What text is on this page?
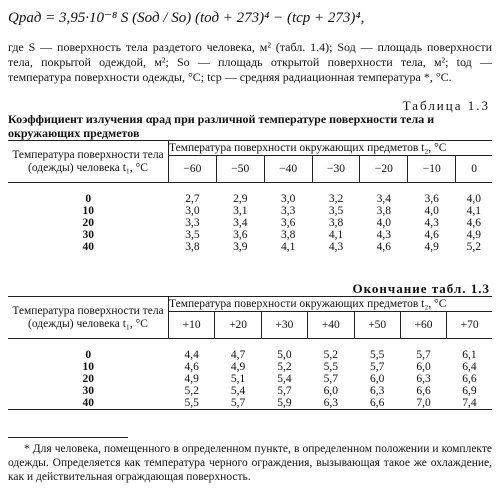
Qрад = 3,95·10⁻⁸ S (Sод / Sо) (tод + 273)⁴ − (tср + 273)⁴,
где S — поверхность тела раздетого человека, м² (табл. 1.4); Sод — площадь поверхности тела, покрытой одеждой, м²; Sо — площадь открытой поверхности тела, м²; tод — температура поверхности одежды, °С; tср — средняя радиационная температура *, °С.
Таблица 1.3
Коэффициент излучения αрад при различной температуре поверхности тела и окружающих предметов
Температура поверхности тела (одежды) человека t₁, °С	Температура поверхности окружающих предметов t₂, °С						
	−60	−50	−40	−30	−20	−10	0

0	2,7	2,9	3,0	3,2	3,4	3,6	4,0
10	3,0	3,1	3,3	3,5	3,8	4,0	4,1
20	3,3	3,4	3,6	3,8	4,0	4,3	4,6
30	3,5	3,6	3,8	4,1	4,3	4,6	4,9
40	3,8	3,9	4,1	4,3	4,6	4,9	5,2
Окончание табл. 1.3
Температура поверхности тела (одежды) человека t₁, °С	Температура поверхности окружающих предметов t₂, °С						
	+10	+20	+30	+40	+50	+60	+70

0	4,4	4,7	5,0	5,2	5,5	5,7	6,1
10	4,6	4,9	5,2	5,5	5,7	6,0	6,4
20	4,9	5,1	5,4	5,7	6,0	6,3	6,6
30	5,2	5,4	5,7	6,0	6,3	6,6	6,9
40	5,5	5,7	5,9	6,3	6,6	7,0	7,4
* Для человека, помещенного в определенном пункте, в определенном положении и комплекте одежды. Определяется как температура черного ограждения, вызывающая такое же охлаждение, как и действительная ограждающая поверхность.
